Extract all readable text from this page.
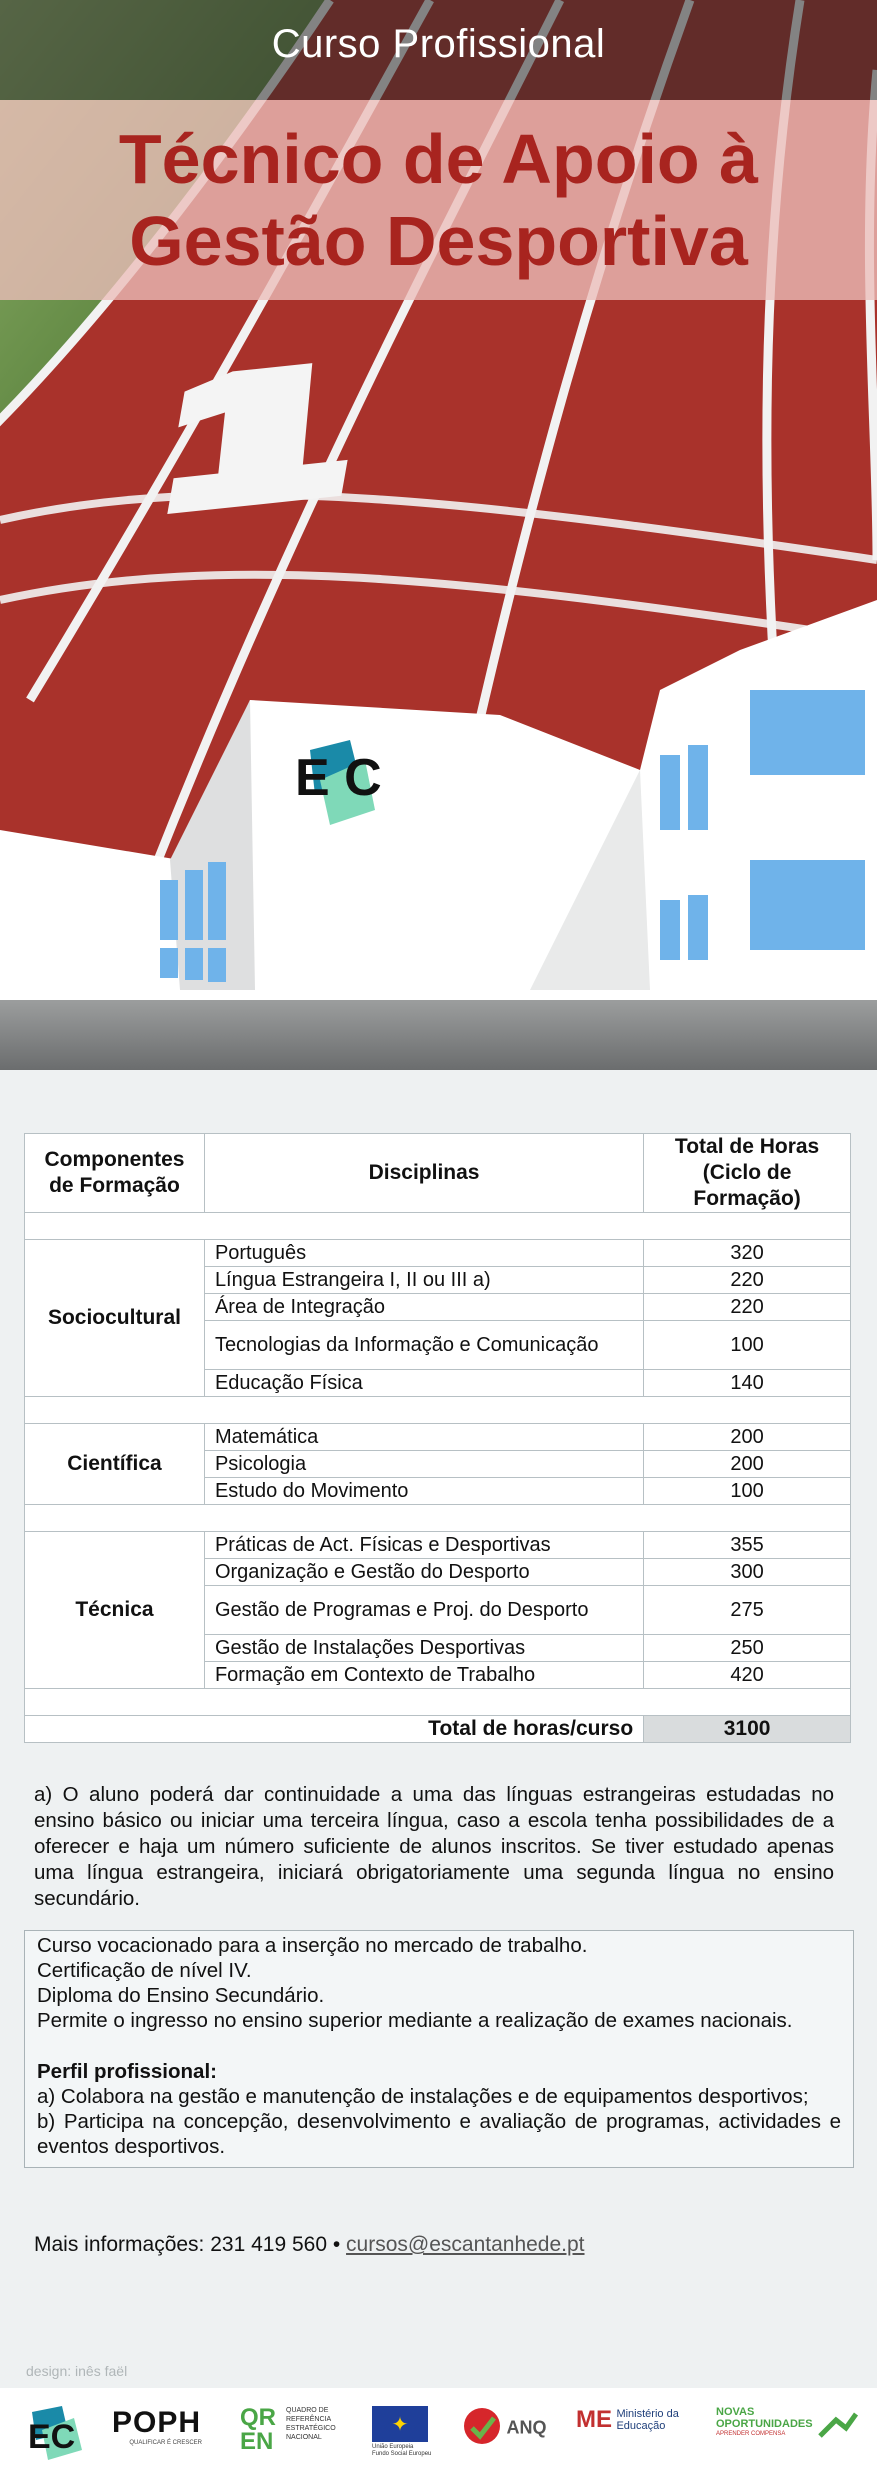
E C
Curso Profissional
Técnico de Apoio à
Gestão Desportiva
Componentes de Formação	Disciplinas	Total de Horas (Ciclo de Formação)

Sociocultural	Português	320
	Língua Estrangeira I, II ou III a)	220
	Área de Integração	220
	Tecnologias da Informação e Comunicação	100
	Educação Física	140

Científica	Matemática	200
	Psicologia	200
	Estudo do Movimento	100

Técnica	Práticas de Act. Físicas e Desportivas	355
	Organização e Gestão do Desporto	300
	Gestão de Programas e Proj. do Desporto	275
	Gestão de Instalações Desportivas	250
	Formação em Contexto de Trabalho	420

Total de horas/curso		3100
a) O aluno poderá dar continuidade a uma das línguas estrangeiras estudadas no ensino básico ou iniciar uma terceira língua, caso a escola tenha possibilidades de a oferecer e haja um número suficiente de alunos inscritos. Se tiver estudado apenas uma língua estrangeira, iniciará obrigatoriamente uma segunda língua no ensino secundário.

Curso vocacionado para a inserção no mercado de trabalho.

Certificação de nível IV.

Diploma do Ensino Secundário.

Permite o ingresso no ensino superior mediante a realização de exames nacionais.

Perfil profissional:

a) Colabora na gestão e manutenção de instalações e de equipamentos desportivos;

b) Participa na concepção, desenvolvimento e avaliação de programas, actividades e eventos desportivos.

Mais informações: 231 419 560 • cursos@escantanhede.pt
design: inês faël
EC POPH
QUALIFICAR É CRESCER
QREN
QUADRO DE REFERÊNCIA ESTRATÉGICO NACIONAL
✦
União Europeia Fundo Social Europeu
ANQ	ME Ministério da Educação
NOVAS
OPORTUNIDADES
APRENDER COMPENSA
